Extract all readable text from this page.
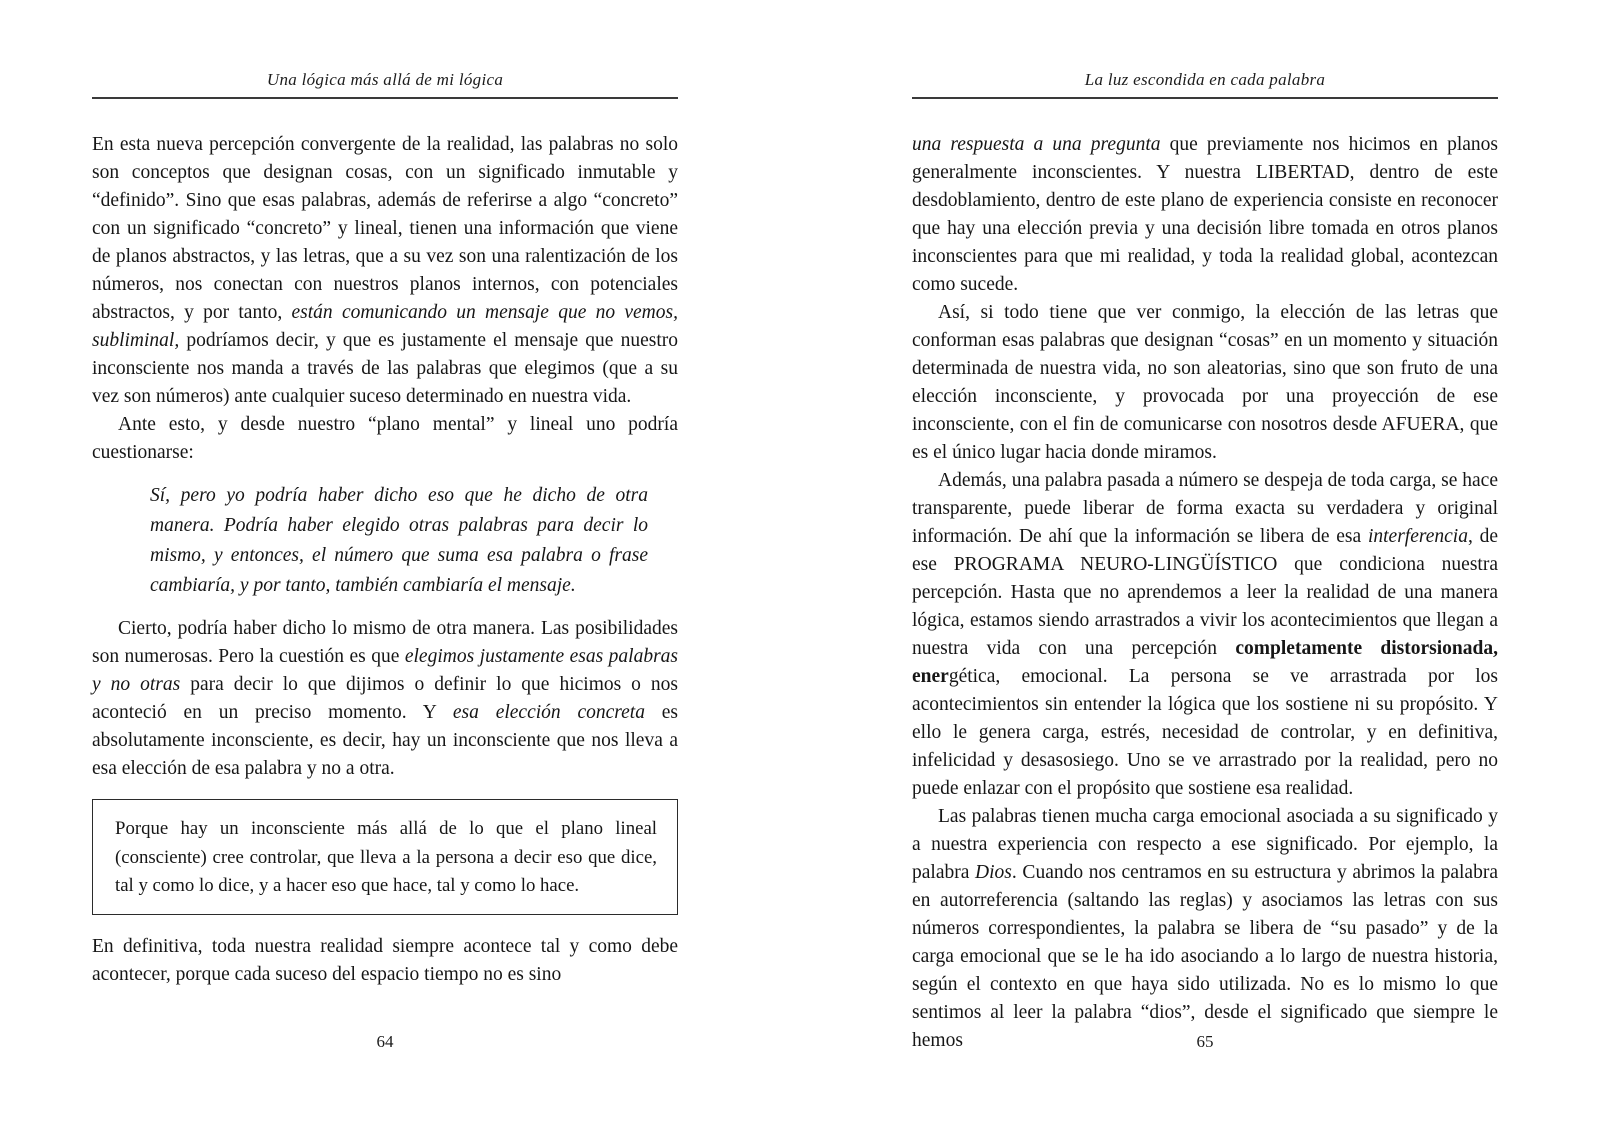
Una lógica más allá de mi lógica
En esta nueva percepción convergente de la realidad, las palabras no solo son conceptos que designan cosas, con un significado inmutable y “definido”. Sino que esas palabras, además de referirse a algo “concreto” con un significado “concreto” y lineal, tienen una información que viene de planos abstractos, y las letras, que a su vez son una ralentización de los números, nos conectan con nuestros planos internos, con potenciales abstractos, y por tanto, están comunicando un mensaje que no vemos, subliminal, podríamos decir, y que es justamente el mensaje que nuestro inconsciente nos manda a través de las palabras que elegimos (que a su vez son números) ante cualquier suceso determinado en nuestra vida.
Ante esto, y desde nuestro “plano mental” y lineal uno podría cuestionarse:
Sí, pero yo podría haber dicho eso que he dicho de otra manera. Podría haber elegido otras palabras para decir lo mismo, y entonces, el número que suma esa palabra o frase cambiaría, y por tanto, también cambiaría el mensaje.
Cierto, podría haber dicho lo mismo de otra manera. Las posibilidades son numerosas. Pero la cuestión es que elegimos justamente esas palabras y no otras para decir lo que dijimos o definir lo que hicimos o nos aconteció en un preciso momento. Y esa elección concreta es absolutamente inconsciente, es decir, hay un inconsciente que nos lleva a esa elección de esa palabra y no a otra.
Porque hay un inconsciente más allá de lo que el plano lineal (consciente) cree controlar, que lleva a la persona a decir eso que dice, tal y como lo dice, y a hacer eso que hace, tal y como lo hace.
En definitiva, toda nuestra realidad siempre acontece tal y como debe acontecer, porque cada suceso del espacio tiempo no es sino
64
La luz escondida en cada palabra
una respuesta a una pregunta que previamente nos hicimos en planos generalmente inconscientes. Y nuestra LIBERTAD, dentro de este desdoblamiento, dentro de este plano de experiencia consiste en reconocer que hay una elección previa y una decisión libre tomada en otros planos inconscientes para que mi realidad, y toda la realidad global, acontezcan como sucede.
Así, si todo tiene que ver conmigo, la elección de las letras que conforman esas palabras que designan “cosas” en un momento y situación determinada de nuestra vida, no son aleatorias, sino que son fruto de una elección inconsciente, y provocada por una proyección de ese inconsciente, con el fin de comunicarse con nosotros desde AFUERA, que es el único lugar hacia donde miramos.
Además, una palabra pasada a número se despeja de toda carga, se hace transparente, puede liberar de forma exacta su verdadera y original información. De ahí que la información se libera de esa interferencia, de ese PROGRAMA NEURO-LINGÜÍSTICO que condiciona nuestra percepción. Hasta que no aprendemos a leer la realidad de una manera lógica, estamos siendo arrastrados a vivir los acontecimientos que llegan a nuestra vida con una percepción completamente distorsionada, energética, emocional. La persona se ve arrastrada por los acontecimientos sin entender la lógica que los sostiene ni su propósito. Y ello le genera carga, estrés, necesidad de controlar, y en definitiva, infelicidad y desasosiego. Uno se ve arrastrado por la realidad, pero no puede enlazar con el propósito que sostiene esa realidad.
Las palabras tienen mucha carga emocional asociada a su significado y a nuestra experiencia con respecto a ese significado. Por ejemplo, la palabra Dios. Cuando nos centramos en su estructura y abrimos la palabra en autorreferencia (saltando las reglas) y asociamos las letras con sus números correspondientes, la palabra se libera de “su pasado” y de la carga emocional que se le ha ido asociando a lo largo de nuestra historia, según el contexto en que haya sido utilizada. No es lo mismo lo que sentimos al leer la palabra “dios”, desde el significado que siempre le hemos	65
